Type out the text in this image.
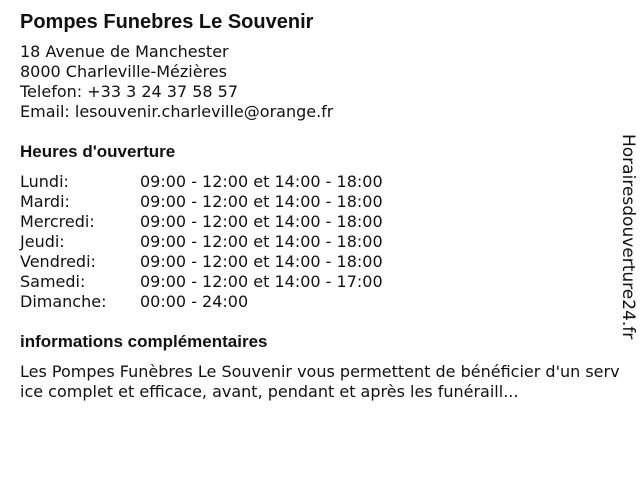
Pompes Funebres Le Souvenir
18 Avenue de Manchester
8000 Charleville-Mézières
Telefon: +33 3 24 37 58 57
Email: lesouvenir.charleville@orange.fr
Heures d'ouverture
Lundi:	09:00 - 12:00 et 14:00 - 18:00
Mardi:	09:00 - 12:00 et 14:00 - 18:00
Mercredi:	09:00 - 12:00 et 14:00 - 18:00
Jeudi:	09:00 - 12:00 et 14:00 - 18:00
Vendredi:	09:00 - 12:00 et 14:00 - 18:00
Samedi:	09:00 - 12:00 et 14:00 - 17:00
Dimanche:	00:00 - 24:00
informations complémentaires
Les Pompes Funèbres Le Souvenir vous permettent de bénéficier d'un service complet et efficace, avant, pendant et après les funéraill...
Horairesdouverture24.fr
